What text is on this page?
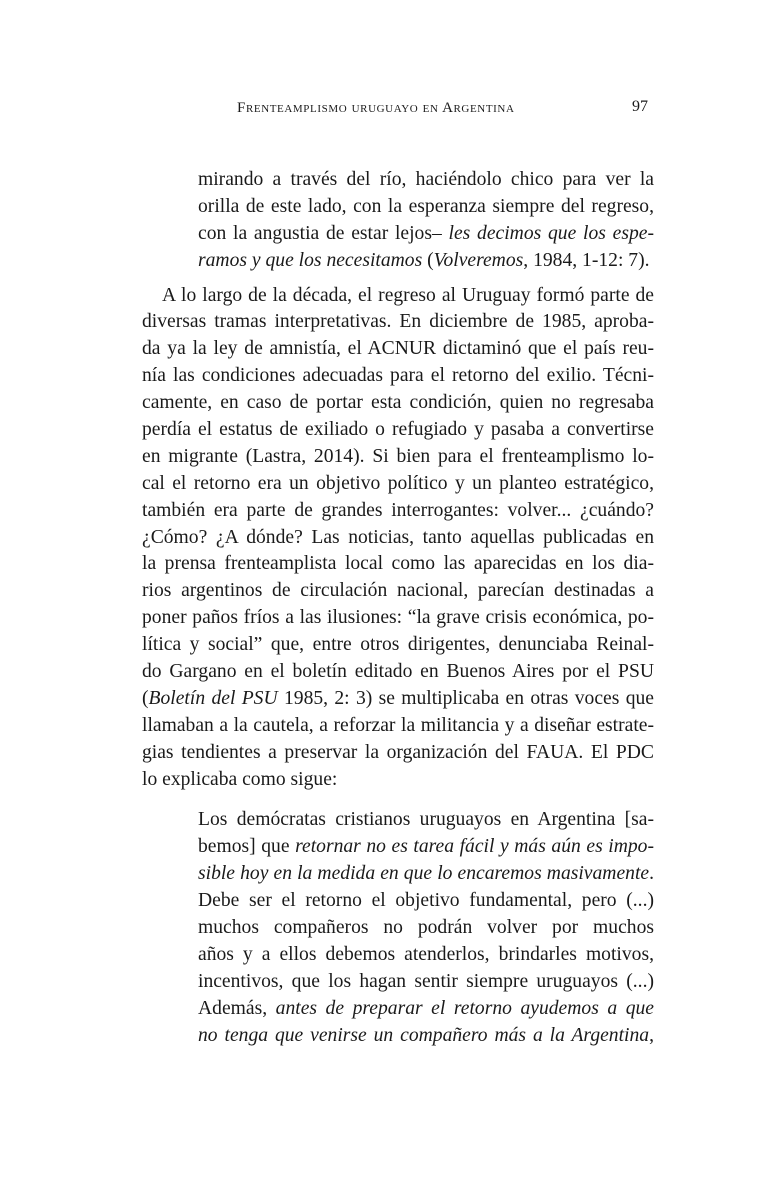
Frenteamplismo uruguayo en Argentina	97
mirando a través del río, haciéndolo chico para ver la
orilla de este lado, con la esperanza siempre del regreso,
con la angustia de estar lejos– les decimos que los espe-
ramos y que los necesitamos (Volveremos, 1984, 1-12: 7).
A lo largo de la década, el regreso al Uruguay formó parte de
diversas tramas interpretativas. En diciembre de 1985, aproba-
da ya la ley de amnistía, el ACNUR dictaminó que el país reu-
nía las condiciones adecuadas para el retorno del exilio. Técni-
camente, en caso de portar esta condición, quien no regresaba
perdía el estatus de exiliado o refugiado y pasaba a convertirse
en migrante (Lastra, 2014). Si bien para el frenteamplismo lo-
cal el retorno era un objetivo político y un planteo estratégico,
también era parte de grandes interrogantes: volver... ¿cuándo?
¿Cómo? ¿A dónde? Las noticias, tanto aquellas publicadas en
la prensa frenteamplista local como las aparecidas en los dia-
rios argentinos de circulación nacional, parecían destinadas a
poner paños fríos a las ilusiones: “la grave crisis económica, po-
lítica y social” que, entre otros dirigentes, denunciaba Reinal-
do Gargano en el boletín editado en Buenos Aires por el PSU
(Boletín del PSU 1985, 2: 3) se multiplicaba en otras voces que
llamaban a la cautela, a reforzar la militancia y a diseñar estrate-
gias tendientes a preservar la organización del FAUA. El PDC
lo explicaba como sigue:
Los demócratas cristianos uruguayos en Argentina [sa-
bemos] que retornar no es tarea fácil y más aún es impo-
sible hoy en la medida en que lo encaremos masivamente.
Debe ser el retorno el objetivo fundamental, pero (...)
muchos compañeros no podrán volver por muchos
años y a ellos debemos atenderlos, brindarles motivos,
incentivos, que los hagan sentir siempre uruguayos (...)
Además, antes de preparar el retorno ayudemos a que
no tenga que venirse un compañero más a la Argentina,
